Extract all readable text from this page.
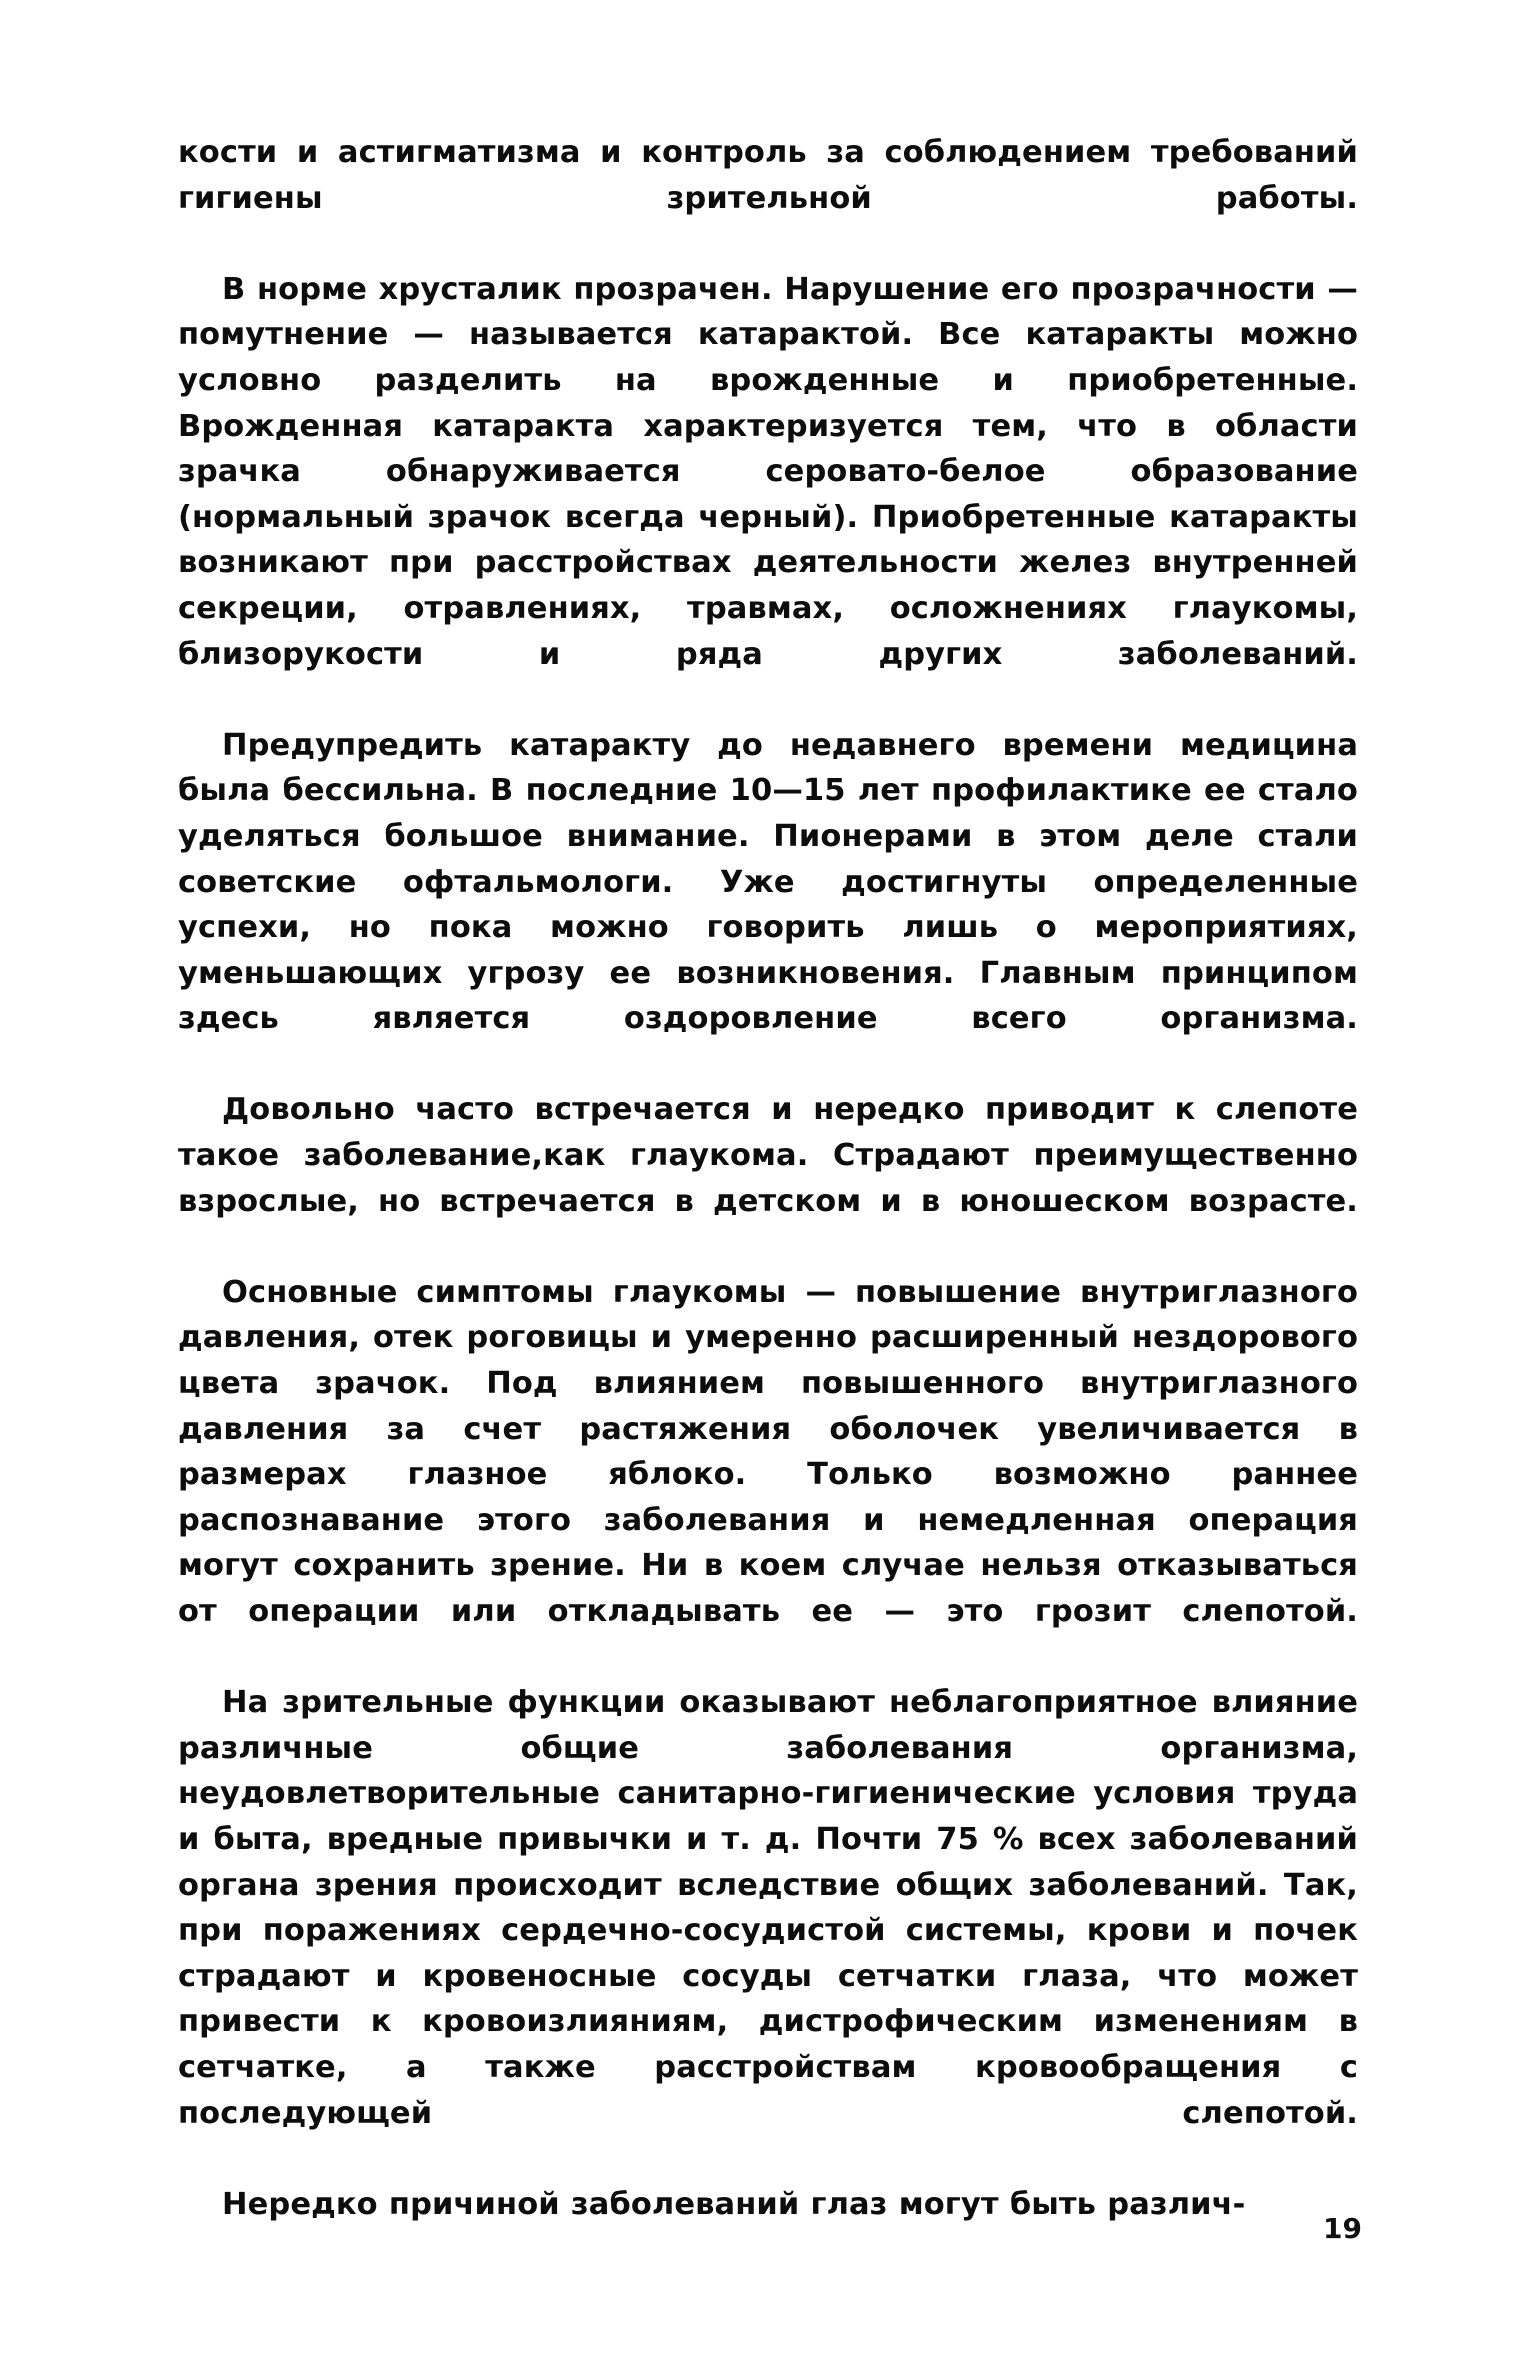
кости и астигматизма и контроль за соблюдением требований гигиены зрительной работы.

В норме хрусталик прозрачен. Нарушение его прозрачности — помутнение — называется катарактой. Все катаракты можно условно разделить на врожденные и приобретенные. Врожденная катаракта характеризуется тем, что в области зрачка обнаруживается серовато-белое образование (нормальный зрачок всегда черный). Приобретенные катаракты возникают при расстройствах деятельности желез внутренней секреции, отравлениях, травмах, осложнениях глаукомы, близорукости и ряда других заболеваний.

Предупредить катаракту до недавнего времени медицина была бессильна. В последние 10—15 лет профилактике ее стало уделяться большое внимание. Пионерами в этом деле стали советские офтальмологи. Уже достигнуты определенные успехи, но пока можно говорить лишь о мероприятиях, уменьшающих угрозу ее возникновения. Главным принципом здесь является оздоровление всего организма.

Довольно часто встречается и нередко приводит к слепоте такое заболевание,как глаукома. Страдают преимущественно взрослые, но встречается в детском и в юношеском возрасте.

Основные симптомы глаукомы — повышение внутриглазного давления, отек роговицы и умеренно расширенный нездорового цвета зрачок. Под влиянием повышенного внутриглазного давления за счет растяжения оболочек увеличивается в размерах глазное яблоко. Только возможно раннее распознавание этого заболевания и немедленная операция могут сохранить зрение. Ни в коем случае нельзя отказываться от операции или откладывать ее — это грозит слепотой.

На зрительные функции оказывают неблагоприятное влияние различные общие заболевания организма, неудовлетворительные санитарно-гигиенические условия труда и быта, вредные привычки и т. д. Почти 75 % всех заболеваний органа зрения происходит вследствие общих заболеваний. Так, при поражениях сердечно-сосудистой системы, крови и почек страдают и кровеносные сосуды сетчатки глаза, что может привести к кровоизлияниям, дистрофическим изменениям в сетчатке, а также расстройствам кровообращения с последующей слепотой.

Нередко причиной заболеваний глаз могут быть различ-

19
